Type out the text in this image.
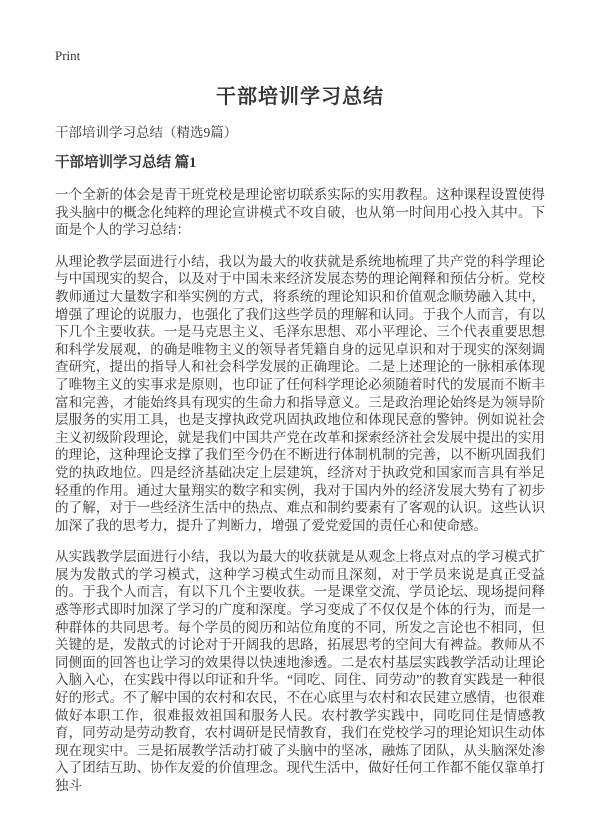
Print
干部培训学习总结
干部培训学习总结（精选9篇）
干部培训学习总结 篇1

一个全新的体会是青干班党校是理论密切联系实际的实用教程。这种课程设置使得我头脑中的概念化纯粹的理论宣讲模式不攻自破，也从第一时间用心投入其中。下面是个人的学习总结：

从理论教学层面进行小结，我以为最大的收获就是系统地梳理了共产党的科学理论与中国现实的契合，以及对于中国未来经济发展态势的理论阐释和预估分析。党校教师通过大量数字和举实例的方式，将系统的理论知识和价值观念顺势融入其中，增强了理论的说服力，也强化了我们这些学员的理解和认同。于我个人而言，有以下几个主要收获。一是马克思主义、毛泽东思想、邓小平理论、三个代表重要思想和科学发展观，的确是唯物主义的领导者凭籍自身的远见卓识和对于现实的深刻调查研究，提出的指导人和社会科学发展的正确理论。二是上述理论的一脉相承体现了唯物主义的实事求是原则，也印证了任何科学理论必须随着时代的发展而不断丰富和完善，才能始终具有现实的生命力和指导意义。三是政治理论始终是为领导阶层服务的实用工具，也是支撑执政党巩固执政地位和体现民意的警钟。例如说社会主义初级阶段理论，就是我们中国共产党在改革和探索经济社会发展中提出的实用的理论，这种理论支撑了我们至今仍在不断进行体制机制的完善，以不断巩固我们党的执政地位。四是经济基础决定上层建筑，经济对于执政党和国家而言具有举足轻重的作用。通过大量翔实的数字和实例，我对于国内外的经济发展大势有了初步的了解，对于一些经济生活中的热点、难点和制约要素有了客观的认识。这些认识加深了我的思考力，提升了判断力，增强了爱党爱国的责任心和使命感。

从实践教学层面进行小结，我以为最大的收获就是从观念上将点对点的学习模式扩展为发散式的学习模式，这种学习模式生动而且深刻，对于学员来说是真正受益的。于我个人而言，有以下几个主要收获。一是课堂交流、学员论坛、现场提问释惑等形式即时加深了学习的广度和深度。学习变成了不仅仅是个体的行为，而是一种群体的共同思考。每个学员的阅历和站位角度的不同，所发之言论也不相同，但关键的是，发散式的讨论对于开阔我的思路，拓展思考的空间大有裨益。教师从不同侧面的回答也让学习的效果得以快速地渗透。二是农村基层实践教学活动让理论入脑入心，在实践中得以印证和升华。“同吃、同住、同劳动”的教育实践是一种很好的形式。不了解中国的农村和农民，不在心底里与农村和农民建立感情，也很难做好本职工作，很难报效祖国和服务人民。农村教学实践中，同吃同住是情感教育，同劳动是劳动教育，农村调研是民情教育，我们在党校学习的理论知识生动体现在现实中。三是拓展教学活动打破了头脑中的坚冰，融炼了团队，从头脑深处渗入了团结互助、协作友爱的价值理念。现代生活中，做好任何工作都不能仅靠单打独斗
